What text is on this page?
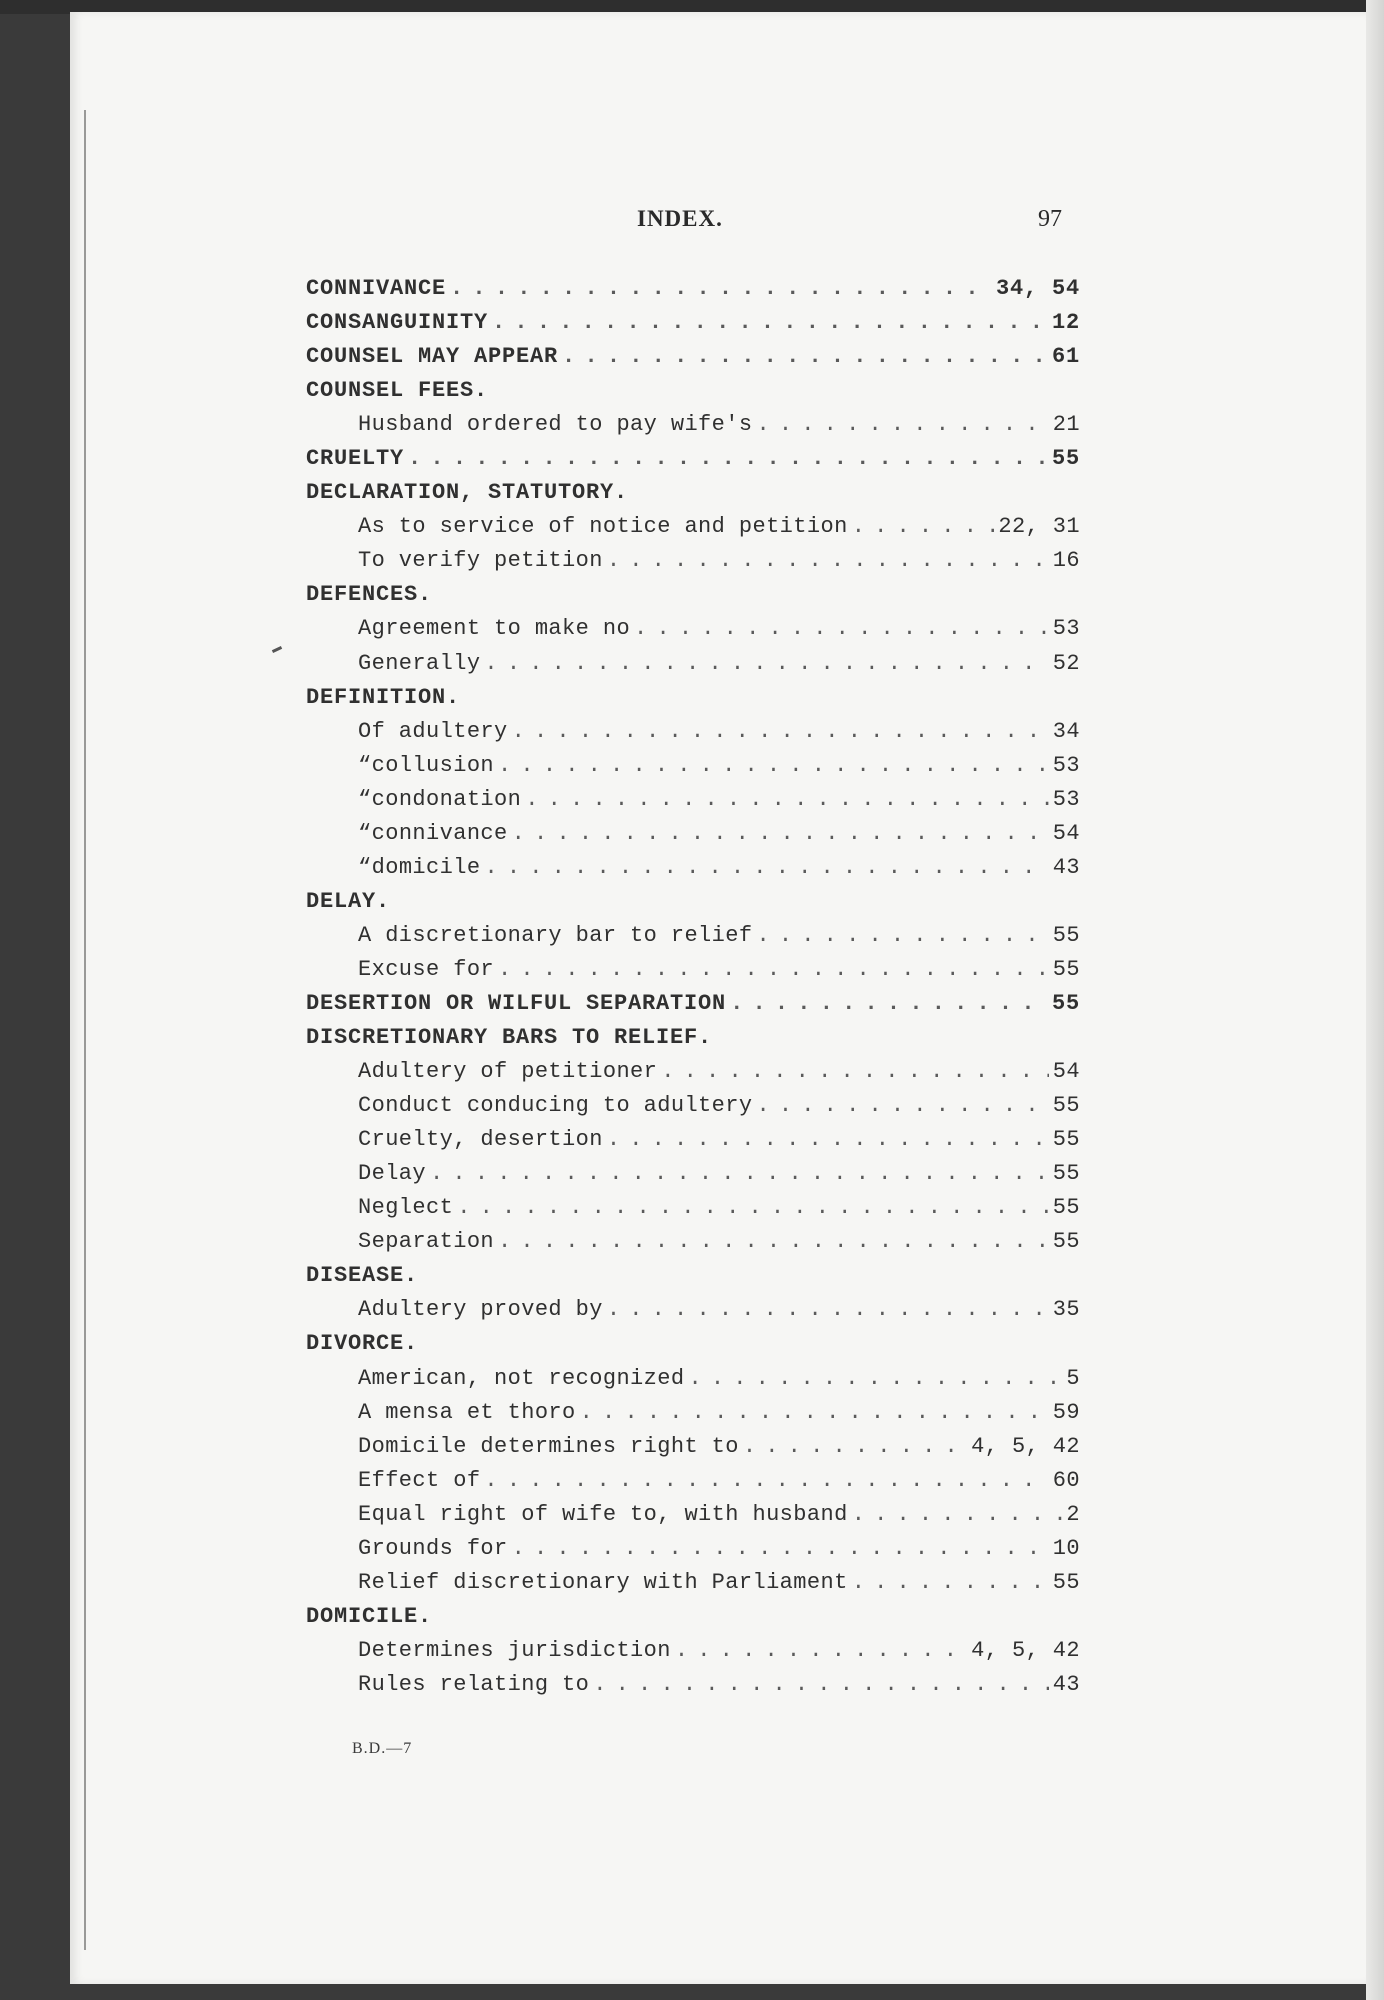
INDEX.	97
CONNIVANCE . . .	34, 54
CONSANGUINITY . . .	12
COUNSEL MAY APPEAR . . .	61
COUNSEL FEES.
Husband ordered to pay wife's . . .	21
CRUELTY . . .	55
DECLARATION, STATUTORY.
As to service of notice and petition . . .	22, 31
To verify petition . . .	16
DEFENCES.
Agreement to make no . . .	53
Generally . . .	52
DEFINITION.
Of adultery . . .	34
“ collusion . . .	53
“ condonation . . .	53
“ connivance . . .	54
“ domicile . . .	43
DELAY.
A discretionary bar to relief . . .	55
Excuse for . . .	55
DESERTION OR WILFUL SEPARATION . . .	55
DISCRETIONARY BARS TO RELIEF.
Adultery of petitioner . . .	54
Conduct conducing to adultery . . .	55
Cruelty, desertion . . .	55
Delay . . .	55
Neglect . . .	55
Separation . . .	55
DISEASE.
Adultery proved by . . .	35
DIVORCE.
American, not recognized . . .	5
A mensa et thoro . . .	59
Domicile determines right to . . .	4, 5, 42
Effect of . . .	60
Equal right of wife to, with husband . . .	2
Grounds for . . .	10
Relief discretionary with Parliament . . .	55
DOMICILE.
Determines jurisdiction . . .	4, 5, 42
Rules relating to . . .	43
B.D.—7
